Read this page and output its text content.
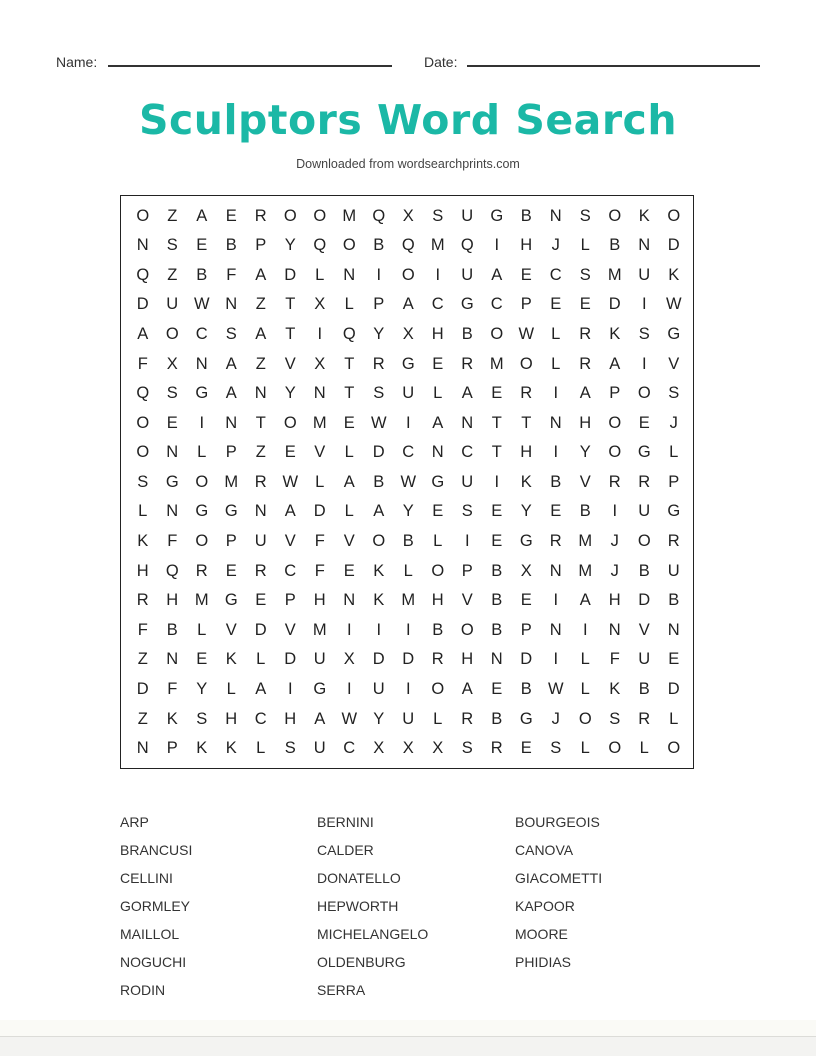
Name:	Date:
Sculptors Word Search
Downloaded from wordsearchprints.com
O	Z	A	E	R	O	O M Q	X	S	U	G	B	N	S	O	K	O
N	S	E	B	P	Y	Q	O	B	Q M Q	I	H	J	L	B	N	D
Q	Z	B	F	A	D	L	N	I	O	I	U	A	E	C	S	M	U	K
D	U W N	Z	T	X	L	P	A	C	G	C	P	E	E	D	I	W
A	O	C	S	A	T	I	Q	Y	X	H	B	O W	L	R	K	S	G
F	X	N	A	Z	V	X	T	R	G	E	R	M O	L	R	A	I	V
Q	S	G	A	N	Y	N	T	S	U	L	A	E	R	I	A	P	O	S
O	E	I	N	T	O M	E W	I	A	N	T	T	N	H	O	E	J
O	N	L	P	Z	E	V	L	D	C	N	C	T	H	I	Y	O	G	L
S	G	O M	R W	L	A	B W G	U	I	K	B	V	R	R	P
L	N	G	G	N	A	D	L	A	Y	E	S	E	Y	E	B	I	U	G
K	F	O	P	U	V	F	V	O	B	L	I	E	G	R	M	J	O	R
H	Q	R	E	R	C	F	E	K	L	O	P	B	X	N	M	J	B	U
R	H	M G	E	P	H	N	K	M	H	V	B	E	I	A	H	D	B
F	B	L	V	D	V	M	I	I	I	B	O	B	P	N	I	N	V	N
Z	N	E	K	L	D	U	X	D	D	R	H	N	D	I	L	F	U	E
D	F	Y	L	A	I	G	I	U	I	O	A	E	B W	L	K	B	D
Z	K	S	H	C	H	A W Y	U	L	R	B	G	J	O	S	R	L
N	P	K	K	L	S	U	C	X	X	X	S	R	E	S	L	O	L	O
ARP	BERNINI	BOURGEOIS
BRANCUSI	CALDER	CANOVA
CELLINI	DONATELLO	GIACOMETTI
GORMLEY	HEPWORTH	KAPOOR
MAILLOL	MICHELANGELO	MOORE
NOGUCHI	OLDENBURG	PHIDIAS
RODIN	SERRA
